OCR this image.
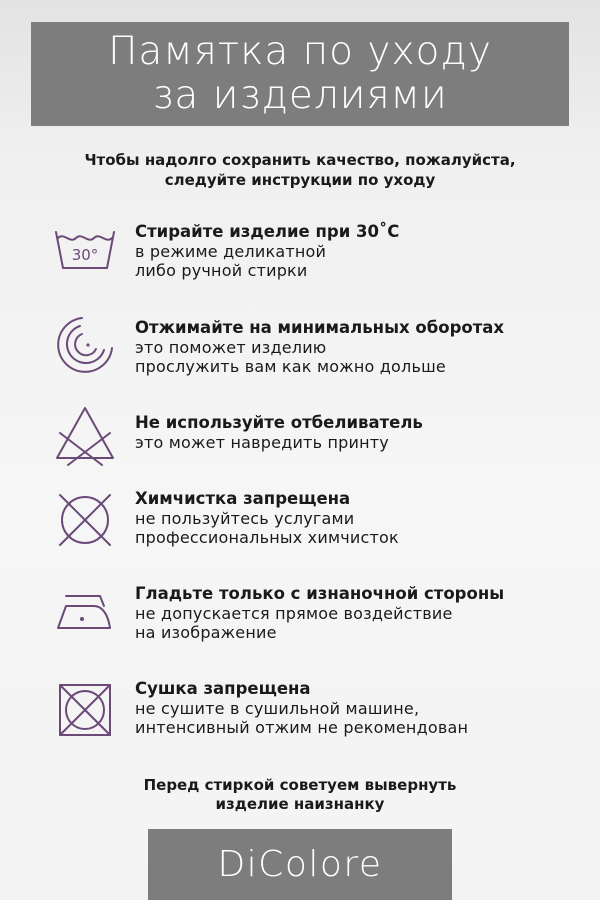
Памятка по уходу
за изделиями
Чтобы надолго сохранить качество, пожалуйста,
следуйте инструкции по уходу
30°
Стирайте изделие при 30˚С
в режиме деликатной
либо ручной стирки
Отжимайте на минимальных оборотах
это поможет изделию
прослужить вам как можно дольше
Не используйте отбеливатель
это может навредить принту
Химчистка запрещена
не пользуйтесь услугами
профессиональных химчисток
Гладьте только с изнаночной стороны
не допускается прямое воздействие
на изображение
Сушка запрещена
не сушите в сушильной машине,
интенсивный отжим не рекомендован
Перед стиркой советуем вывернуть
изделие наизнанку
DiColore
